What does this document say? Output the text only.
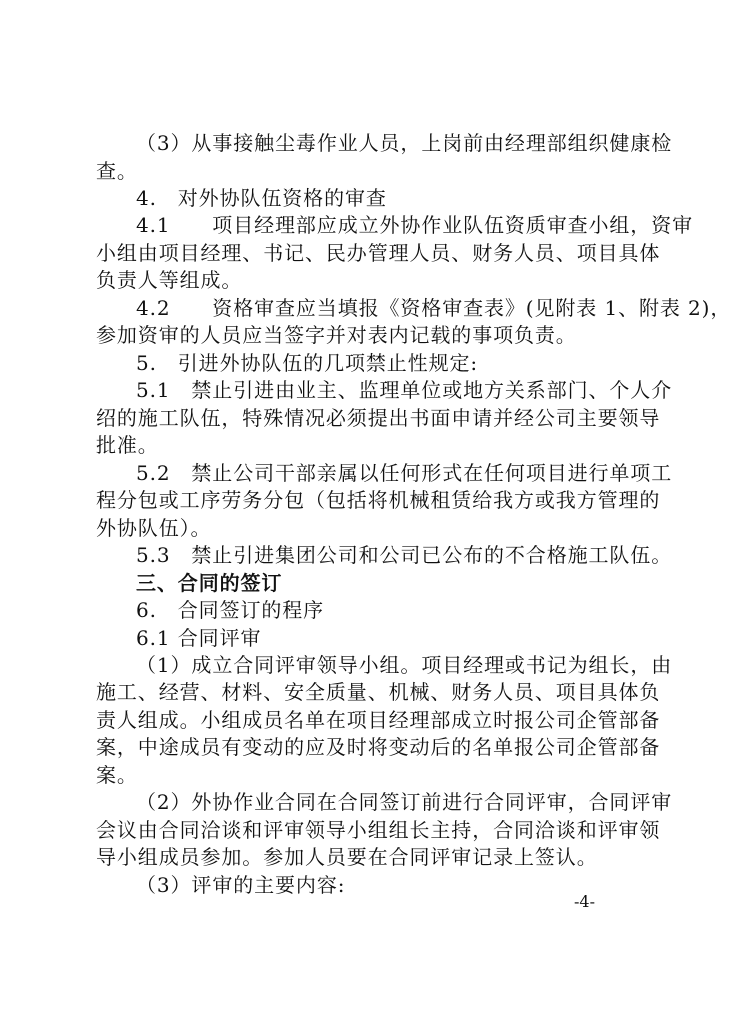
（3）从事接触尘毒作业人员，上岗前由经理部组织健康检
查。
4.　对外协队伍资格的审查
4.1　　项目经理部应成立外协作业队伍资质审查小组，资审
小组由项目经理、书记、民办管理人员、财务人员、项目具体
负责人等组成。
4.2　　资格审查应当填报《资格审查表》(见附表 1、附表 2)，
参加资审的人员应当签字并对表内记载的事项负责。
5.　引进外协队伍的几项禁止性规定:
5.1　禁止引进由业主、监理单位或地方关系部门、个人介
绍的施工队伍，特殊情况必须提出书面申请并经公司主要领导
批准。
5.2　禁止公司干部亲属以任何形式在任何项目进行单项工
程分包或工序劳务分包（包括将机械租赁给我方或我方管理的
外协队伍）。
5.3　禁止引进集团公司和公司已公布的不合格施工队伍。
三、合同的签订
6.　合同签订的程序
6.1 合同评审
（1）成立合同评审领导小组。项目经理或书记为组长，由
施工、经营、材料、安全质量、机械、财务人员、项目具体负
责人组成。小组成员名单在项目经理部成立时报公司企管部备
案，中途成员有变动的应及时将变动后的名单报公司企管部备
案。
（2）外协作业合同在合同签订前进行合同评审，合同评审
会议由合同洽谈和评审领导小组组长主持，合同洽谈和评审领
导小组成员参加。参加人员要在合同评审记录上签认。
（3）评审的主要内容:
-4-
